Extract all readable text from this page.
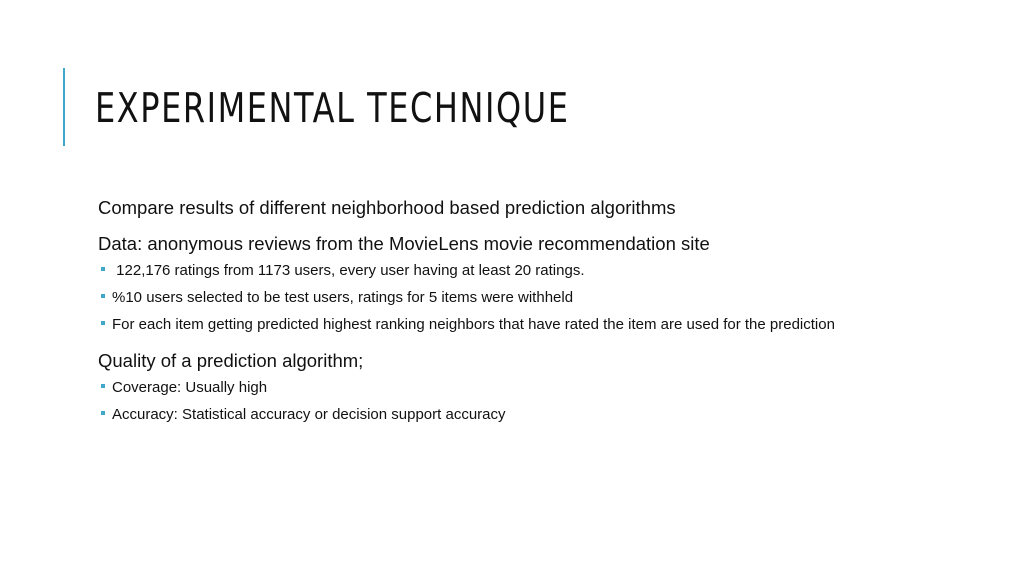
EXPERIMENTAL TECHNIQUE

Compare results of different neighborhood based prediction algorithms

Data: anonymous reviews from the MovieLens movie recommendation site

122,176 ratings from 1173 users, every user having at least 20 ratings.
%10 users selected to be test users, ratings for 5 items were withheld
For each item getting predicted highest ranking neighbors that have rated the item are used for the prediction

Quality of a prediction algorithm;

Coverage: Usually high
Accuracy: Statistical accuracy or decision support accuracy
